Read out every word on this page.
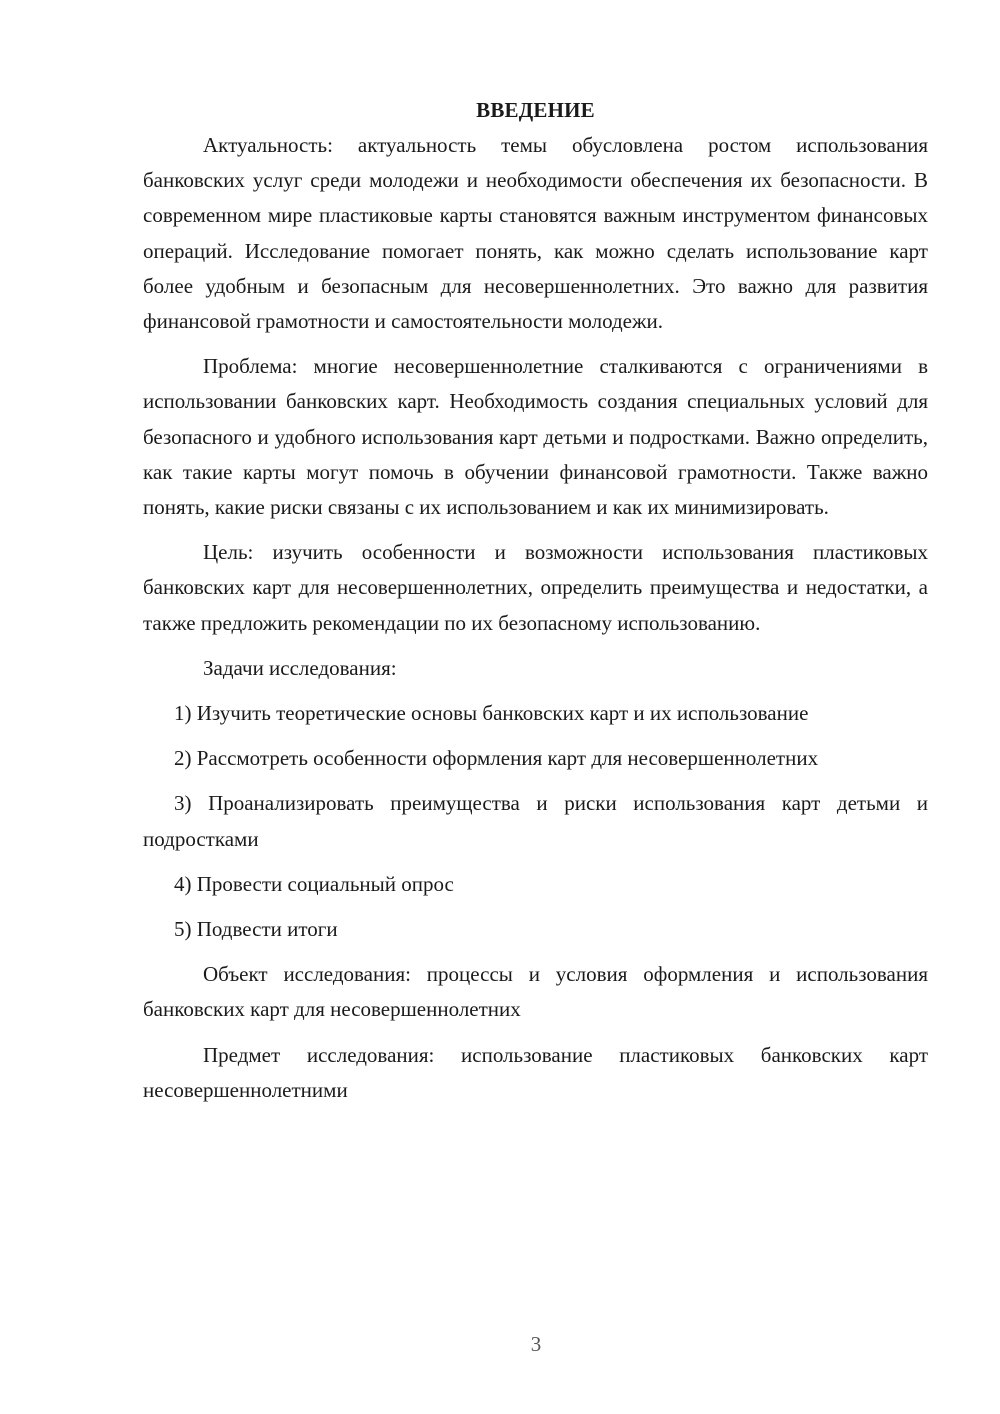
ВВЕДЕНИЕ

Актуальность: актуальность темы обусловлена ростом использования банковских услуг среди молодежи и необходимости обеспечения их безопасности. В современном мире пластиковые карты становятся важным инструментом финансовых операций. Исследование помогает понять, как можно сделать использование карт более удобным и безопасным для несовершеннолетних. Это важно для развития финансовой грамотности и самостоятельности молодежи.

Проблема: многие несовершеннолетние сталкиваются с ограничениями в использовании банковских карт. Необходимость создания специальных условий для безопасного и удобного использования карт детьми и подростками. Важно определить, как такие карты могут помочь в обучении финансовой грамотности. Также важно понять, какие риски связаны с их использованием и как их минимизировать.

Цель: изучить особенности и возможности использования пластиковых банковских карт для несовершеннолетних, определить преимущества и недостатки, а также предложить рекомендации по их безопасному использованию.

Задачи исследования:

1) Изучить теоретические основы банковских карт и их использование

2) Рассмотреть особенности оформления карт для несовершеннолетних

3) Проанализировать преимущества и риски использования карт детьми и подростками

4) Провести социальный опрос

5) Подвести итоги

Объект исследования: процессы и условия оформления и использования банковских карт для несовершеннолетних

Предмет исследования: использование пластиковых банковских карт несовершеннолетними

3
